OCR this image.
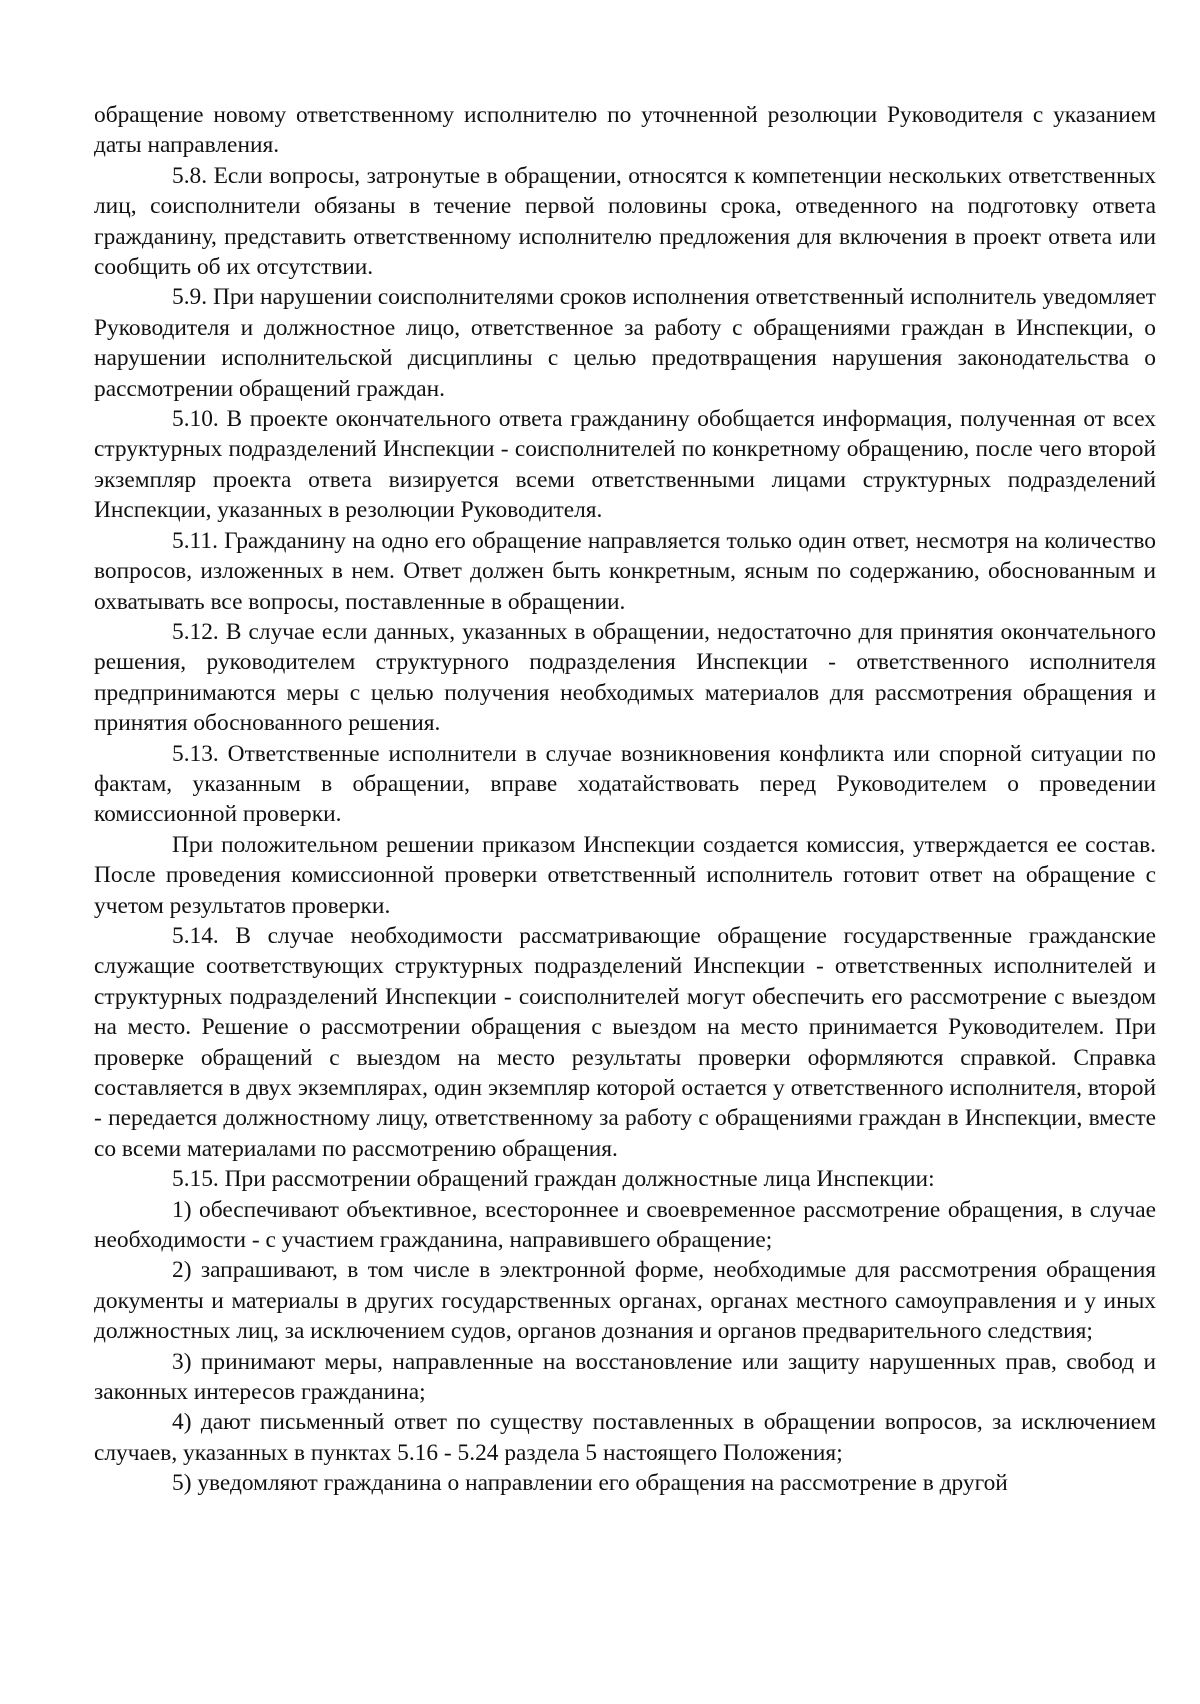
обращение новому ответственному исполнителю по уточненной резолюции Руководителя с указанием даты направления.

5.8. Если вопросы, затронутые в обращении, относятся к компетенции нескольких ответственных лиц, соисполнители обязаны в течение первой половины срока, отведенного на подготовку ответа гражданину, представить ответственному исполнителю предложения для включения в проект ответа или сообщить об их отсутствии.

5.9. При нарушении соисполнителями сроков исполнения ответственный исполнитель уведомляет Руководителя и должностное лицо, ответственное за работу с обращениями граждан в Инспекции, о нарушении исполнительской дисциплины с целью предотвращения нарушения законодательства о рассмотрении обращений граждан.

5.10. В проекте окончательного ответа гражданину обобщается информация, полученная от всех структурных подразделений Инспекции - соисполнителей по конкретному обращению, после чего второй экземпляр проекта ответа визируется всеми ответственными лицами структурных подразделений Инспекции, указанных в резолюции Руководителя.

5.11. Гражданину на одно его обращение направляется только один ответ, несмотря на количество вопросов, изложенных в нем. Ответ должен быть конкретным, ясным по содержанию, обоснованным и охватывать все вопросы, поставленные в обращении.

5.12. В случае если данных, указанных в обращении, недостаточно для принятия окончательного решения, руководителем структурного подразделения Инспекции - ответственного исполнителя предпринимаются меры с целью получения необходимых материалов для рассмотрения обращения и принятия обоснованного решения.

5.13. Ответственные исполнители в случае возникновения конфликта или спорной ситуации по фактам, указанным в обращении, вправе ходатайствовать перед Руководителем о проведении комиссионной проверки.

При положительном решении приказом Инспекции создается комиссия, утверждается ее состав. После проведения комиссионной проверки ответственный исполнитель готовит ответ на обращение с учетом результатов проверки.

5.14. В случае необходимости рассматривающие обращение государственные гражданские служащие соответствующих структурных подразделений Инспекции - ответственных исполнителей и структурных подразделений Инспекции - соисполнителей могут обеспечить его рассмотрение с выездом на место. Решение о рассмотрении обращения с выездом на место принимается Руководителем. При проверке обращений с выездом на место результаты проверки оформляются справкой. Справка составляется в двух экземплярах, один экземпляр которой остается у ответственного исполнителя, второй - передается должностному лицу, ответственному за работу с обращениями граждан в Инспекции, вместе со всеми материалами по рассмотрению обращения.

5.15. При рассмотрении обращений граждан должностные лица Инспекции:

1) обеспечивают объективное, всестороннее и своевременное рассмотрение обращения, в случае необходимости - с участием гражданина, направившего обращение;

2) запрашивают, в том числе в электронной форме, необходимые для рассмотрения обращения документы и материалы в других государственных органах, органах местного самоуправления и у иных должностных лиц, за исключением судов, органов дознания и органов предварительного следствия;

3) принимают меры, направленные на восстановление или защиту нарушенных прав, свобод и законных интересов гражданина;

4) дают письменный ответ по существу поставленных в обращении вопросов, за исключением случаев, указанных в пунктах 5.16 - 5.24 раздела 5 настоящего Положения;

5) уведомляют гражданина о направлении его обращения на рассмотрение в другой
